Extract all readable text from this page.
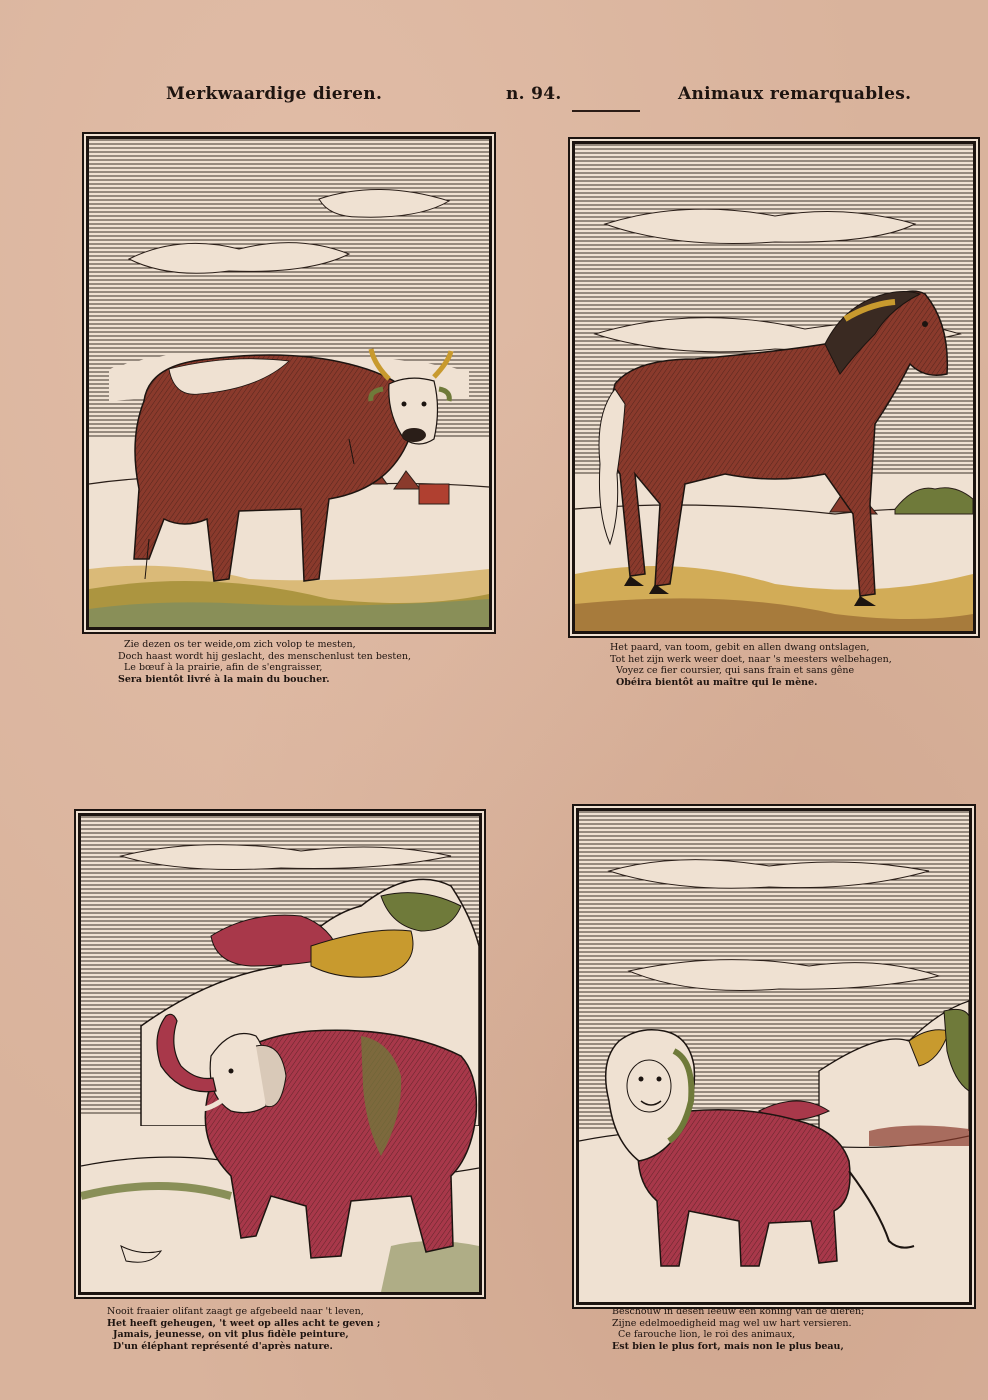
Merkwaardige dieren.	n. 94.	Animaux remarquables.
Zie dezen os ter weide,om zich volop te mesten,
Doch haast wordt hij geslacht, des menschenlust ten besten,
Le bœuf à la prairie, afin de s'engraisser,
Sera bientôt livré à la main du boucher.
Het paard, van toom, gebit en allen dwang ontslagen,
Tot het zijn werk weer doet, naar 's meesters welbehagen,
Voyez ce fier coursier, qui sans frain et sans gêne
Obéira bientôt au maître qui le mène.
Nooit fraaier olifant zaagt ge afgebeeld naar 't leven,
Het heeft geheugen, 't weet op alles acht te geven ;
Jamais, jeunesse, on vit plus fidèle peinture,
D'un éléphant représenté d'après nature.
Beschouw in desen leeuw een koning van de dieren;
Zijne edelmoedigheid mag wel uw hart versieren.
Ce farouche lion, le roi des animaux,
Est bien le plus fort, mais non le plus beau,
